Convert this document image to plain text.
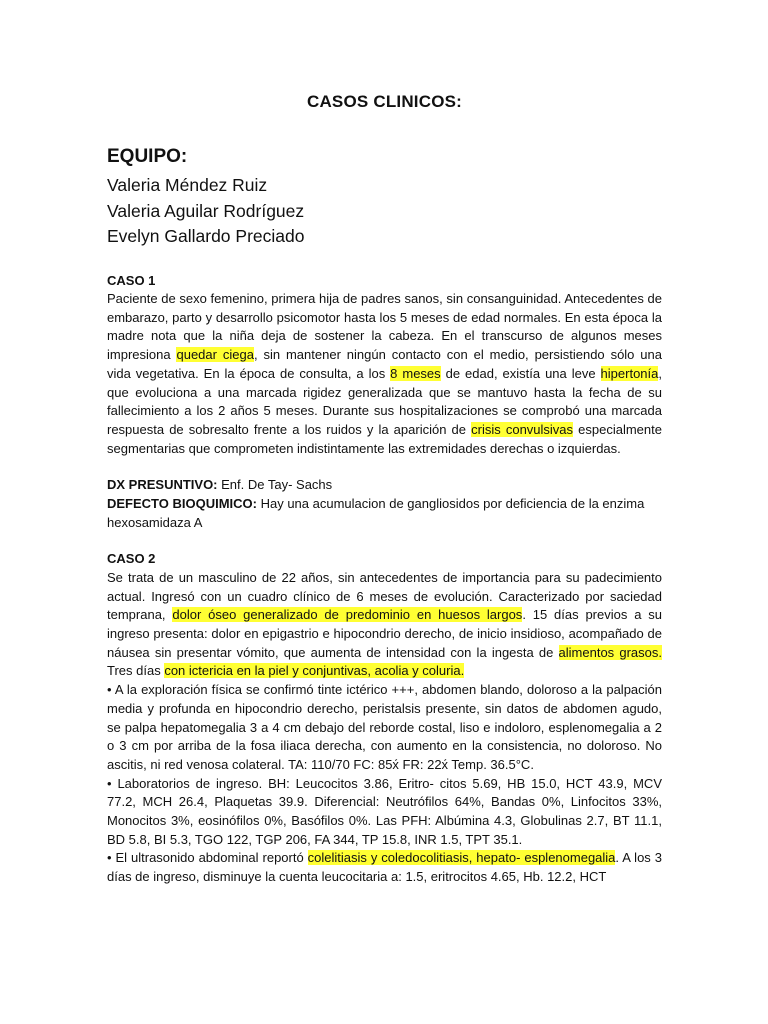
CASOS CLINICOS:

EQUIPO:

Valeria Méndez Ruiz

Valeria Aguilar Rodríguez

Evelyn Gallardo Preciado

CASO 1

Paciente de sexo femenino, primera hija de padres sanos, sin consanguinidad. Antecedentes de embarazo, parto y desarrollo psicomotor hasta los 5 meses de edad normales. En esta época la madre nota que la niña deja de sostener la cabeza. En el transcurso de algunos meses impresiona quedar ciega, sin mantener ningún contacto con el medio, persistiendo sólo una vida vegetativa. En la época de consulta, a los 8 meses de edad, existía una leve hipertonía, que evoluciona a una marcada rigidez generalizada que se mantuvo hasta la fecha de su fallecimiento a los 2 años 5 meses. Durante sus hospitalizaciones se comprobó una marcada respuesta de sobresalto frente a los ruidos y la aparición de crisis convulsivas especialmente segmentarias que comprometen indistintamente las extremidades derechas o izquierdas.

DX PRESUNTIVO: Enf. De Tay- Sachs

DEFECTO BIOQUIMICO: Hay una acumulacion de gangliosidos por deficiencia de la enzima hexosamidaza A

CASO 2

Se trata de un masculino de 22 años, sin antecedentes de importancia para su padecimiento actual. Ingresó con un cuadro clínico de 6 meses de evolución. Caracterizado por saciedad temprana, dolor óseo generalizado de predominio en huesos largos. 15 días previos a su ingreso presenta: dolor en epigastrio e hipocondrio derecho, de inicio insidioso, acompañado de náusea sin presentar vómito, que aumenta de intensidad con la ingesta de alimentos grasos. Tres días con ictericia en la piel y conjuntivas, acolia y coluria.

• A la exploración física se confirmó tinte ictérico +++, abdomen blando, doloroso a la palpación media y profunda en hipocondrio derecho, peristalsis presente, sin datos de abdomen agudo, se palpa hepatomegalia 3 a 4 cm debajo del reborde costal, liso e indoloro, esplenomegalia a 2 o 3 cm por arriba de la fosa iliaca derecha, con aumento en la consistencia, no doloroso. No ascitis, ni red venosa colateral. TA: 110/70 FC: 85x́ FR: 22x́ Temp. 36.5°C.

• Laboratorios de ingreso. BH: Leucocitos 3.86, Eritro- citos 5.69, HB 15.0, HCT 43.9, MCV 77.2, MCH 26.4, Plaquetas 39.9. Diferencial: Neutrófilos 64%, Bandas 0%, Linfocitos 33%, Monocitos 3%, eosinófilos 0%, Basófilos 0%. Las PFH: Albúmina 4.3, Globulinas 2.7, BT 11.1, BD 5.8, BI 5.3, TGO 122, TGP 206, FA 344, TP 15.8, INR 1.5, TPT 35.1.

• El ultrasonido abdominal reportó colelitiasis y coledocolitiasis, hepato- esplenomegalia. A los 3 días de ingreso, disminuye la cuenta leucocitaria a: 1.5, eritrocitos 4.65, Hb. 12.2, HCT
